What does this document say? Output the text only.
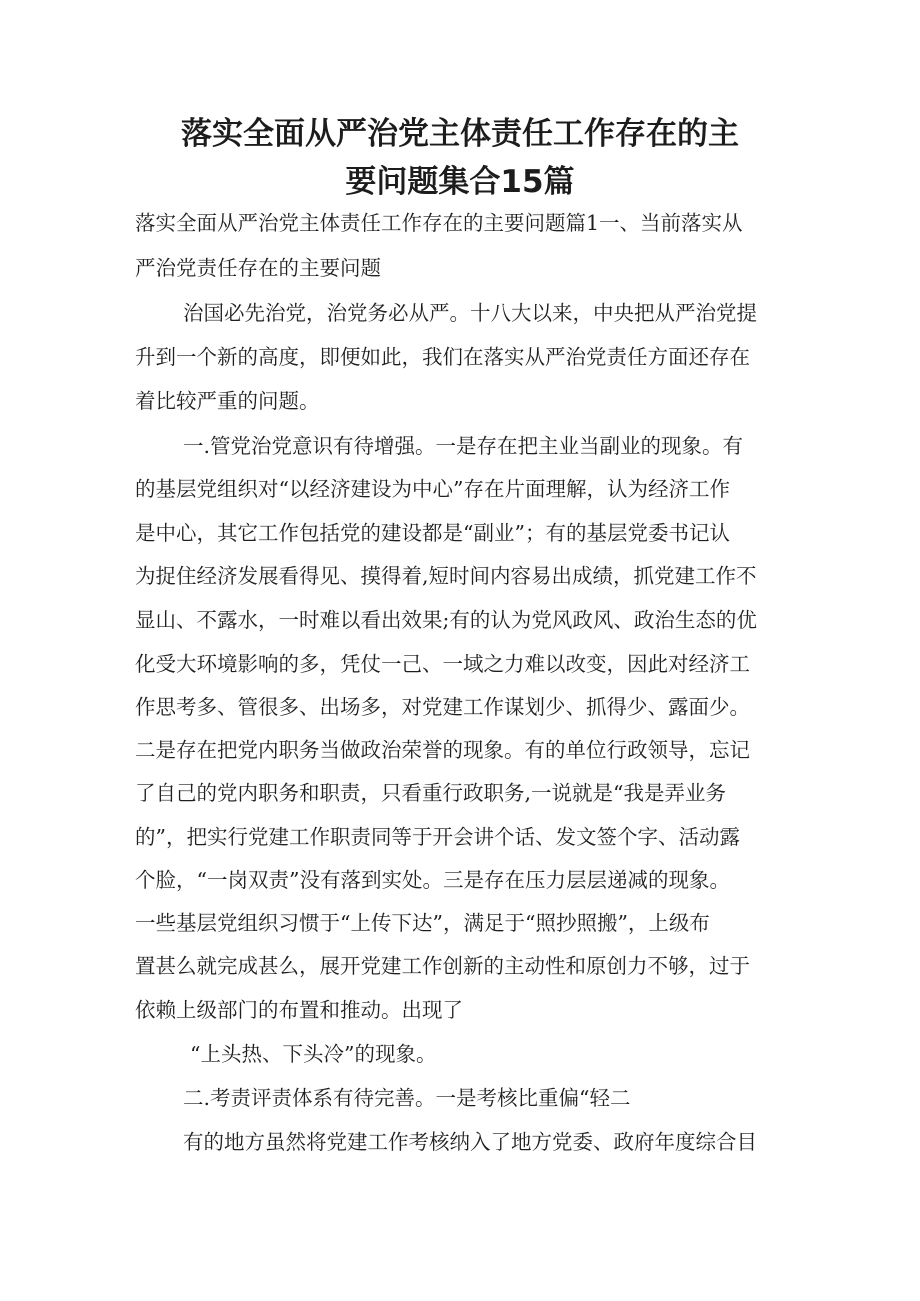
落实全面从严治党主体责任工作存在的主
要问题集合15篇

落实全面从严治党主体责任工作存在的主要问题篇1一、当前落实从

严治党责任存在的主要问题

治国必先治党，治党务必从严。十八大以来，中央把从严治党提

升到一个新的高度，即便如此，我们在落实从严治党责任方面还存在

着比较严重的问题。

一.管党治党意识有待增强。一是存在把主业当副业的现象。有

的基层党组织对“以经济建设为中心”存在片面理解，认为经济工作

是中心，其它工作包括党的建设都是“副业”；有的基层党委书记认

为捉住经济发展看得见、摸得着,短时间内容易出成绩，抓党建工作不

显山、不露水，一时难以看出效果;有的认为党风政风、政治生态的优

化受大环境影响的多，凭仗一己、一域之力难以改变，因此对经济工

作思考多、管很多、出场多，对党建工作谋划少、抓得少、露面少。

二是存在把党内职务当做政治荣誉的现象。有的单位行政领导，忘记

了自己的党内职务和职责，只看重行政职务,一说就是“我是弄业务

的”，把实行党建工作职责同等于开会讲个话、发文签个字、活动露

个脸，“一岗双责”没有落到实处。三是存在压力层层递减的现象。

一些基层党组织习惯于“上传下达”，满足于“照抄照搬”，上级布

置甚么就完成甚么，展开党建工作创新的主动性和原创力不够，过于

依赖上级部门的布置和推动。出现了

“上头热、下头冷”的现象。

二.考责评责体系有待完善。一是考核比重偏“轻二

有的地方虽然将党建工作考核纳入了地方党委、政府年度综合目
